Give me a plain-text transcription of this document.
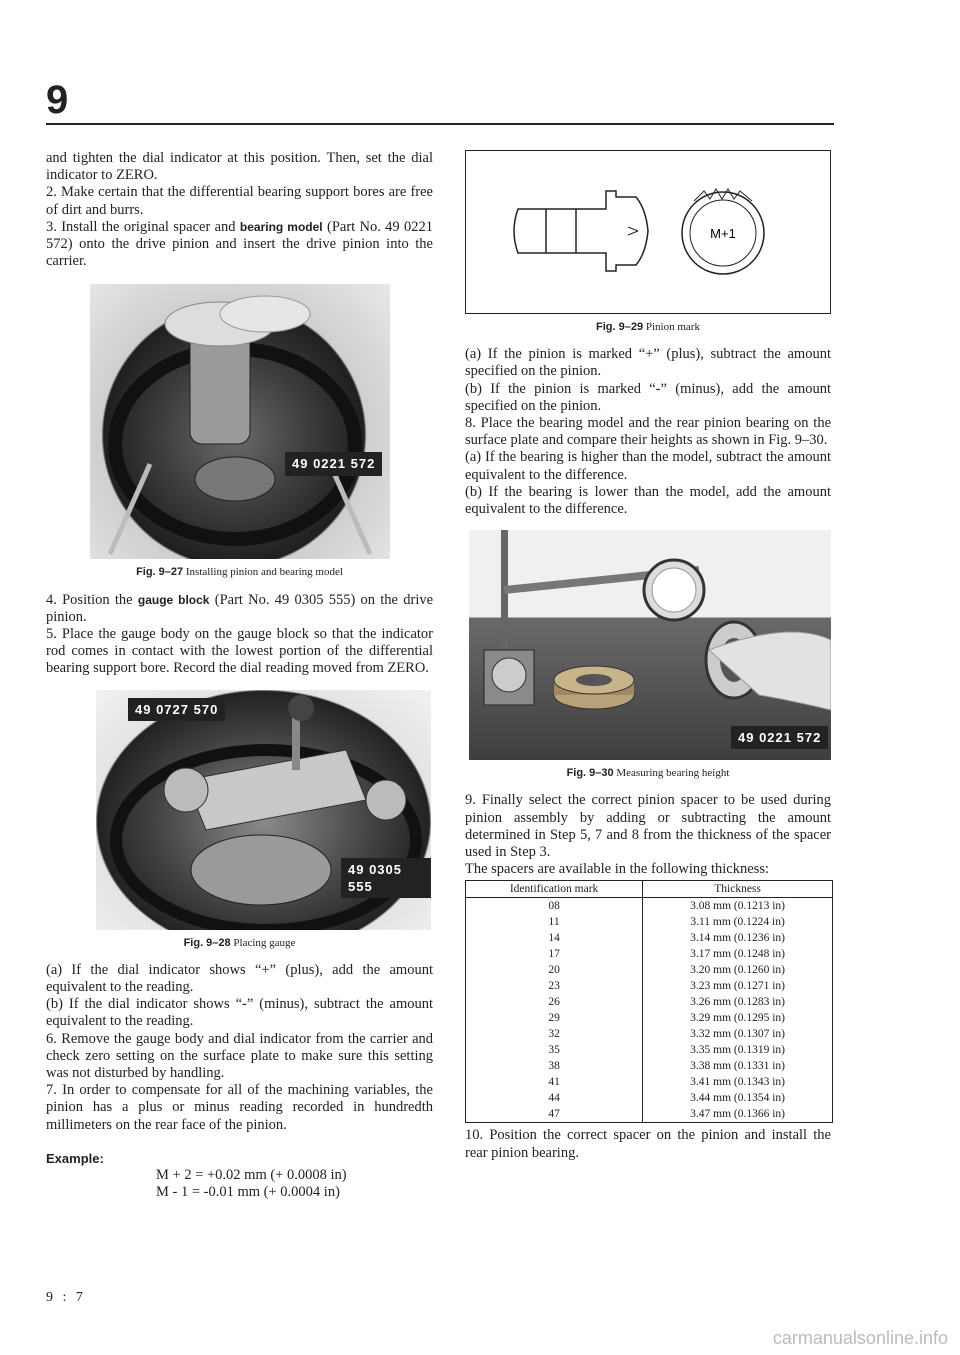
9

and tighten the dial indicator at this position. Then, set the dial indicator to ZERO.

2. Make certain that the differential bearing support bores are free of dirt and burrs.

3. Install the original spacer and bearing model (Part No. 49 0221 572) onto the drive pinion and insert the drive pinion into the carrier.

49 0221 572
Fig. 9–27 Installing pinion and bearing model

4. Position the gauge block (Part No. 49 0305 555) on the drive pinion.

5. Place the gauge body on the gauge block so that the indicator rod comes in contact with the lowest portion of the differential bearing support bore. Record the dial reading moved from ZERO.

49 0727 570
49 0305 555
Fig. 9–28 Placing gauge

(a) If the dial indicator shows “+” (plus), add the amount equivalent to the reading.

(b) If the dial indicator shows “-” (minus), subtract the amount equivalent to the reading.

6. Remove the gauge body and dial indicator from the carrier and check zero setting on the surface plate to make sure this setting was not disturbed by handling.

7. In order to compensate for all of the machining variables, the pinion has a plus or minus reading recorded in hundredth millimeters on the rear face of the pinion.

Example:
M + 2 = +0.02 mm (+ 0.0008 in)
M - 1 = -0.01 mm (+ 0.0004 in)
M+1
Fig. 9–29 Pinion mark

(a) If the pinion is marked “+” (plus), subtract the amount specified on the pinion.

(b) If the pinion is marked “-” (minus), add the amount specified on the pinion.

8. Place the bearing model and the rear pinion bearing on the surface plate and compare their heights as shown in Fig. 9–30.

(a) If the bearing is higher than the model, subtract the amount equivalent to the difference.

(b) If the bearing is lower than the model, add the amount equivalent to the difference.

49 0221 572
Fig. 9–30 Measuring bearing height

9. Finally select the correct pinion spacer to be used during pinion assembly by adding or subtracting the amount determined in Step 5, 7 and 8 from the thickness of the spacer used in Step 3.

The spacers are available in the following thickness:

Identification mark	Thickness
08	3.08 mm (0.1213 in)
11	3.11 mm (0.1224 in)
14	3.14 mm (0.1236 in)
17	3.17 mm (0.1248 in)
20	3.20 mm (0.1260 in)
23	3.23 mm (0.1271 in)
26	3.26 mm (0.1283 in)
29	3.29 mm (0.1295 in)
32	3.32 mm (0.1307 in)
35	3.35 mm (0.1319 in)
38	3.38 mm (0.1331 in)
41	3.41 mm (0.1343 in)
44	3.44 mm (0.1354 in)
47	3.47 mm (0.1366 in)

10. Position the correct spacer on the pinion and install the rear pinion bearing.

9 : 7
carmanualsonline.info
